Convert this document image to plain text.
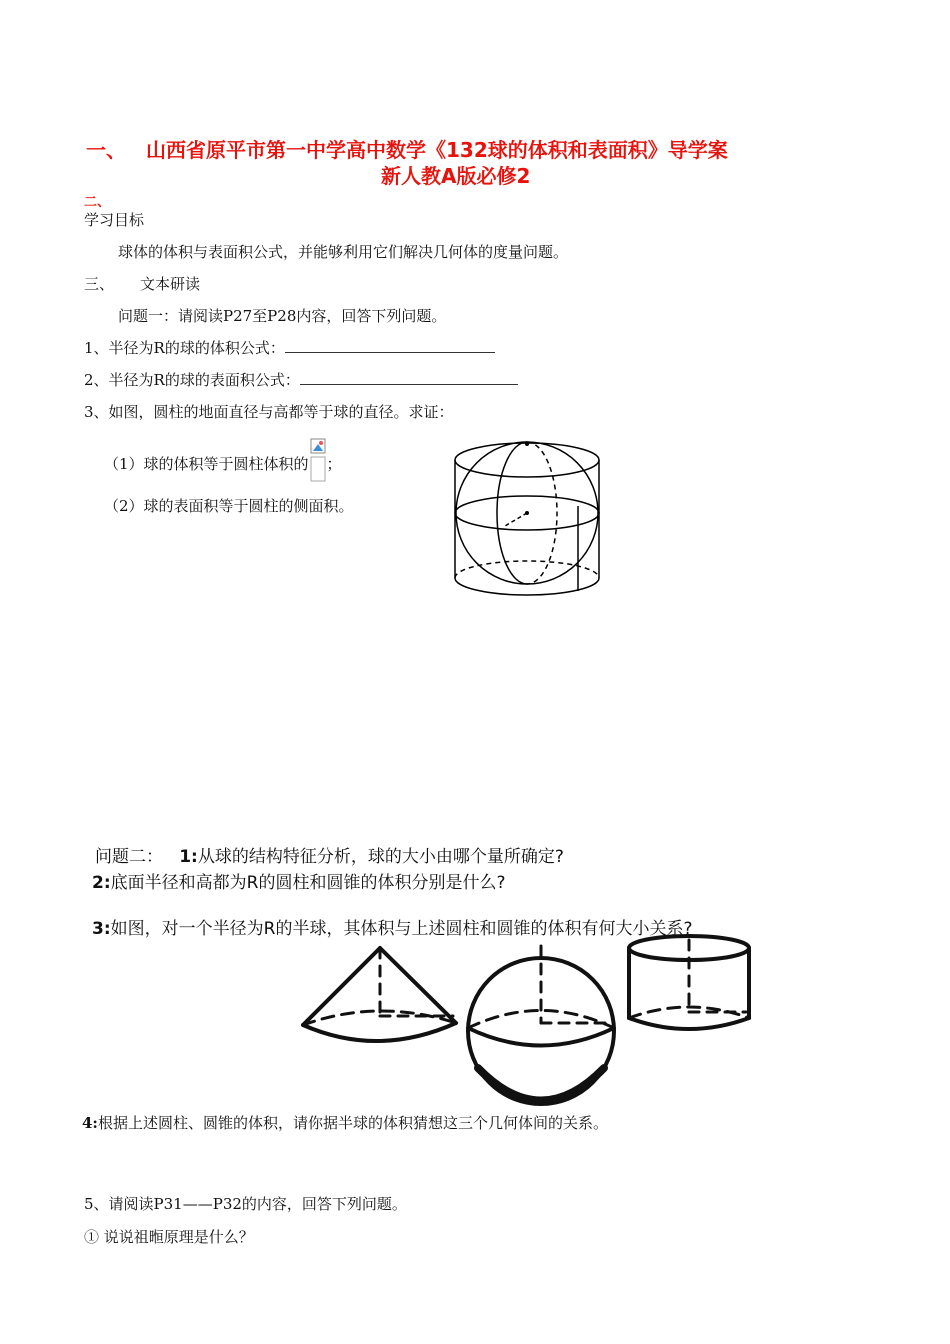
一、 山西省原平市第一中学高中数学《132球的体积和表面积》导学案
新人教A版必修2
二、
学习目标
球体的体积与表面积公式，并能够利用它们解决几何体的度量问题。
三、 文本研读
问题一：请阅读P27至P28内容，回答下列问题。
1、半径为R的球的体积公式：
2、半径为R的球的表面积公式：
3、如图，圆柱的地面直径与高都等于球的直径。求证：
（1）球的体积等于圆柱体积的 ；
（2）球的表面积等于圆柱的侧面积。
问题二： 1:从球的结构特征分析，球的大小由哪个量所确定?
2:底面半径和高都为R的圆柱和圆锥的体积分别是什么?
3:如图，对一个半径为R的半球，其体积与上述圆柱和圆锥的体积有何大小关系?
4:根据上述圆柱、圆锥的体积，请你据半球的体积猜想这三个几何体间的关系。
5、请阅读P31——P32的内容，回答下列问题。
① 说说祖暅原理是什么？
